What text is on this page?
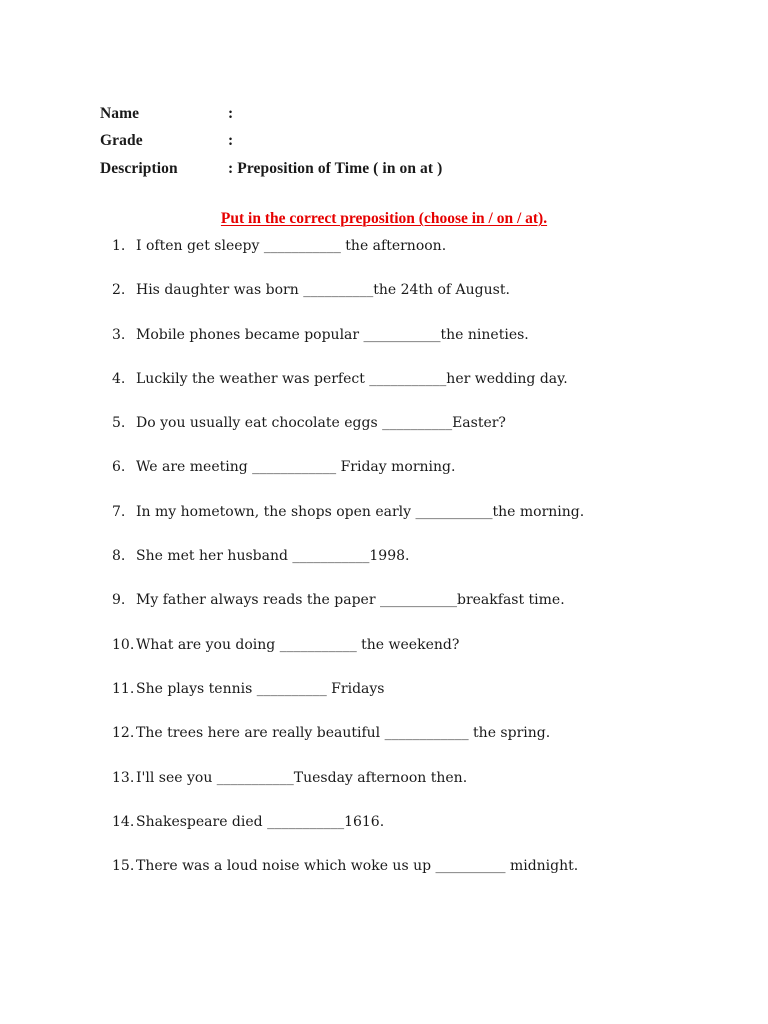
Name	:
Grade	:
Description	: Preposition of Time ( in on at )
Put in the correct preposition (choose in / on / at).
1. I often get sleepy ___________ the afternoon.
2. His daughter was born __________the 24th of August.
3. Mobile phones became popular ___________the nineties.
4. Luckily the weather was perfect ___________her wedding day.
5. Do you usually eat chocolate eggs __________Easter?
6. We are meeting ____________ Friday morning.
7. In my hometown, the shops open early ___________the morning.
8. She met her husband ___________1998.
9. My father always reads the paper ___________breakfast time.
10. What are you doing ___________ the weekend?
11. She plays tennis __________ Fridays
12. The trees here are really beautiful ____________ the spring.
13. I'll see you ___________Tuesday afternoon then.
14. Shakespeare died ___________1616.
15. There was a loud noise which woke us up __________ midnight.
